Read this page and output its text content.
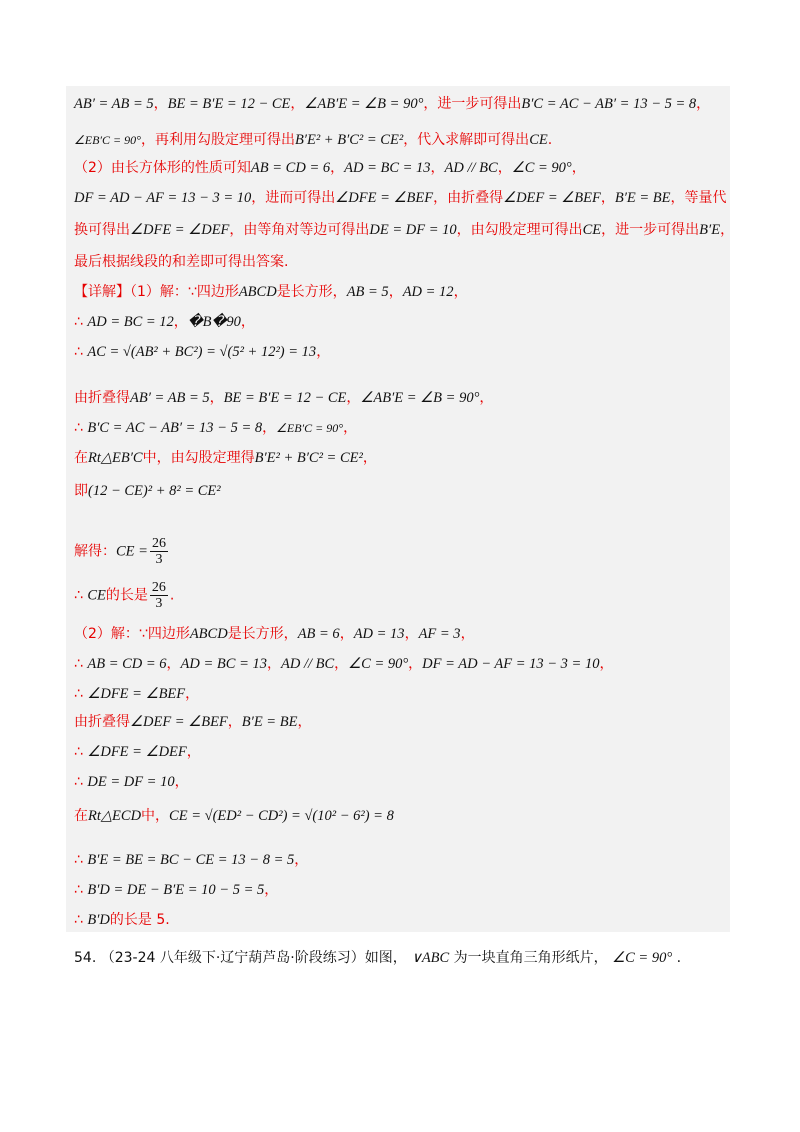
AB′ = AB = 5，BE = B′E = 12 − CE，∠AB′E = ∠B = 90°，进一步可得出B′C = AC − AB′ = 13 − 5 = 8，
∠EB′C = 90°，再利用勾股定理可得出B′E² + B′C² = CE²，代入求解即可得出CE.
（2）由长方体形的性质可知AB = CD = 6，AD = BC = 13，AD // BC，∠C = 90°，
DF = AD − AF = 13 − 3 = 10，进而可得出∠DFE = ∠BEF，由折叠得∠DEF = ∠BEF，B′E = BE，等量代
换可得出∠DFE = ∠DEF，由等角对等边可得出DE = DF = 10，由勾股定理可得出CE，进一步可得出B′E，
最后根据线段的和差即可得出答案.
【详解】（1）解：∵四边形ABCD是长方形，AB = 5，AD = 12，
∴ AD = BC = 12，�B�90，
∴ AC = √(AB² + BC²) = √(5² + 12²) = 13，
由折叠得AB′ = AB = 5，BE = B′E = 12 − CE，∠AB′E = ∠B = 90°，
∴ B′C = AC − AB′ = 13 − 5 = 8，∠EB′C = 90°，
在Rt△EB′C中，由勾股定理得B′E² + B′C² = CE²，
即(12 − CE)² + 8² = CE²
解得：CE = $\frac{26}{3}$
∴ CE的长是 $\frac{26}{3}$ .
（2）解：∵四边形ABCD是长方形，AB = 6，AD = 13，AF = 3，
∴ AB = CD = 6，AD = BC = 13，AD // BC，∠C = 90°，DF = AD − AF = 13 − 3 = 10，
∴ ∠DFE = ∠BEF，
由折叠得∠DEF = ∠BEF，B′E = BE，
∴ ∠DFE = ∠DEF，
∴ DE = DF = 10，
在Rt△ECD中，CE = √(ED² − CD²) = √(10² − 6²) = 8
∴ B′E = BE = BC − CE = 13 − 8 = 5，
∴ B′D = DE − B′E = 10 − 5 = 5，
∴ B′D的长是 5.
54. （23-24 八年级下·辽宁葫芦岛·阶段练习）如图， ∨ABC 为一块直角三角形纸片， ∠C = 90° .
